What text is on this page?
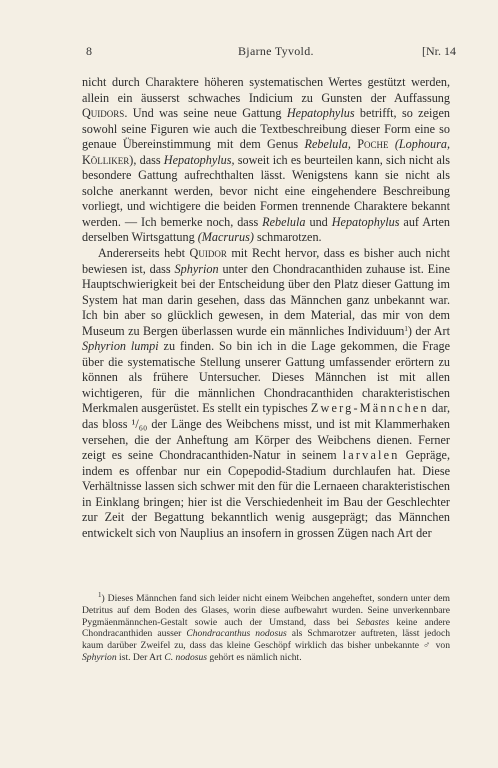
8	Bjarne Tyvold.	[Nr. 14

nicht durch Charaktere höheren systematischen Wertes gestützt werden, allein ein äusserst schwaches Indicium zu Gunsten der Auffassung Quidors. Und was seine neue Gattung Hepatophylus betrifft, so zeigen sowohl seine Figuren wie auch die Textbeschreibung dieser Form eine so genaue Übereinstimmung mit dem Genus Rebelula, Poche (Lophoura, Kölliker), dass Hepatophylus, soweit ich es beurteilen kann, sich nicht als besondere Gattung aufrechthalten lässt. Wenigstens kann sie nicht als solche anerkannt werden, bevor nicht eine eingehendere Beschreibung vorliegt, und wichtigere die beiden Formen trennende Charaktere bekannt werden. — Ich bemerke noch, dass Rebelula und Hepatophylus auf Arten derselben Wirtsgattung (Macrurus) schmarotzen.

Andererseits hebt Quidor mit Recht hervor, dass es bisher auch nicht bewiesen ist, dass Sphyrion unter den Chondracanthiden zuhause ist. Eine Hauptschwierigkeit bei der Entscheidung über den Platz dieser Gattung im System hat man darin gesehen, dass das Männchen ganz unbekannt war. Ich bin aber so glücklich gewesen, in dem Material, das mir von dem Museum zu Bergen überlassen wurde ein männliches Individuum$^1$) der Art Sphyrion lumpi zu finden. So bin ich in die Lage gekommen, die Frage über die systematische Stellung unserer Gattung umfassender erörtern zu können als frühere Untersucher. Dieses Männchen ist mit allen wichtigeren, für die männlichen Chondracanthiden charakteristischen Merkmalen ausgerüstet. Es stellt ein typisches Zwerg-Männchen dar, das bloss ¹/₆₀ der Länge des Weibchens misst, und ist mit Klammerhaken versehen, die der Anheftung am Körper des Weibchens dienen. Ferner zeigt es seine Chondracanthiden-Natur in seinem larvalen Gepräge, indem es offenbar nur ein Copepodid-Stadium durchlaufen hat. Diese Verhältnisse lassen sich schwer mit den für die Lernaeen charakteristischen in Einklang bringen; hier ist die Verschiedenheit im Bau der Geschlechter zur Zeit der Begattung bekanntlich wenig ausgeprägt; das Männchen entwickelt sich von Nauplius an insofern in grossen Zügen nach Art der

$^1$) Dieses Männchen fand sich leider nicht einem Weibchen angeheftet, sondern unter dem Detritus auf dem Boden des Glases, worin diese aufbewahrt wurden. Seine unverkennbare Pygmäenmännchen-Gestalt sowie auch der Umstand, dass bei Sebastes keine andere Chondracanthiden ausser Chondracanthus nodosus als Schmarotzer auftreten, lässt jedoch kaum darüber Zweifel zu, dass das kleine Geschöpf wirklich das bisher unbekannte ♂ von Sphyrion ist. Der Art C. nodosus gehört es nämlich nicht.
